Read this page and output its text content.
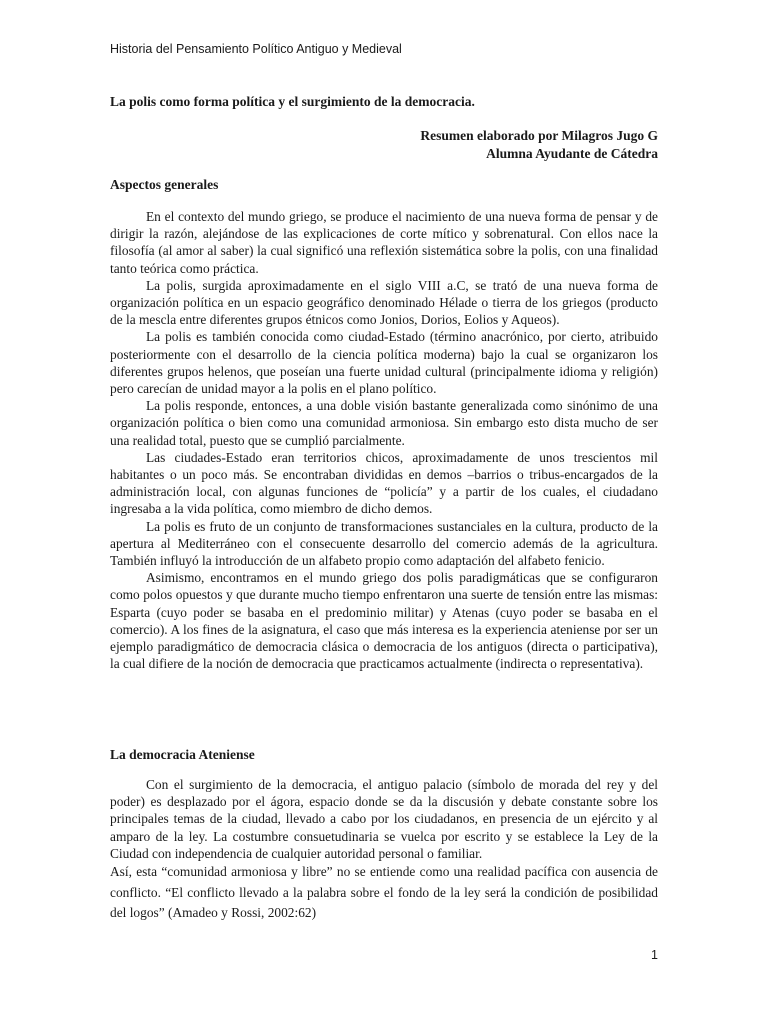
Historia del Pensamiento Político Antiguo y Medieval
La polis como forma política y el surgimiento de la democracia.
Resumen elaborado por Milagros Jugo G
Alumna Ayudante de Cátedra
Aspectos generales

En el contexto del mundo griego, se produce el nacimiento de una nueva forma de pensar y de dirigir la razón, alejándose de las explicaciones de corte mítico y sobrenatural. Con ellos nace la filosofía (al amor al saber) la cual significó una reflexión sistemática sobre la polis, con una finalidad tanto teórica como práctica.

La polis, surgida aproximadamente en el siglo VIII a.C, se trató de una nueva forma de organización política en un espacio geográfico denominado Hélade o tierra de los griegos (producto de la mescla entre diferentes grupos étnicos como Jonios, Dorios, Eolios y Aqueos).

La polis es también conocida como ciudad-Estado (término anacrónico, por cierto, atribuido posteriormente con el desarrollo de la ciencia política moderna) bajo la cual se organizaron los diferentes grupos helenos, que poseían una fuerte unidad cultural (principalmente idioma y religión) pero carecían de unidad mayor a la polis en el plano político.

La polis responde, entonces, a una doble visión bastante generalizada como sinónimo de una organización política o bien como una comunidad armoniosa. Sin embargo esto dista mucho de ser una realidad total, puesto que se cumplió parcialmente.

Las ciudades-Estado eran territorios chicos, aproximadamente de unos trescientos mil habitantes o un poco más. Se encontraban divididas en demos –barrios o tribus-encargados de la administración local, con algunas funciones de “policía” y a partir de los cuales, el ciudadano ingresaba a la vida política, como miembro de dicho demos.

La polis es fruto de un conjunto de transformaciones sustanciales en la cultura, producto de la apertura al Mediterráneo con el consecuente desarrollo del comercio además de la agricultura. También influyó la introducción de un alfabeto propio como adaptación del alfabeto fenicio.

Asimismo, encontramos en el mundo griego dos polis paradigmáticas que se configuraron como polos opuestos y que durante mucho tiempo enfrentaron una suerte de tensión entre las mismas: Esparta (cuyo poder se basaba en el predominio militar) y Atenas (cuyo poder se basaba en el comercio). A los fines de la asignatura, el caso que más interesa es la experiencia ateniense por ser un ejemplo paradigmático de democracia clásica o democracia de los antiguos (directa o participativa), la cual difiere de la noción de democracia que practicamos actualmente (indirecta o representativa).

La democracia Ateniense

Con el surgimiento de la democracia, el antiguo palacio (símbolo de morada del rey y del poder) es desplazado por el ágora, espacio donde se da la discusión y debate constante sobre los principales temas de la ciudad, llevado a cabo por los ciudadanos, en presencia de un ejército y al amparo de la ley. La costumbre consuetudinaria se vuelca por escrito y se establece la Ley de la Ciudad con independencia de cualquier autoridad personal o familiar.

Así, esta “comunidad armoniosa y libre” no se entiende como una realidad pacífica con ausencia de conflicto. “El conflicto llevado a la palabra sobre el fondo de la ley será la condición de posibilidad del logos” (Amadeo y Rossi, 2002:62)

1
